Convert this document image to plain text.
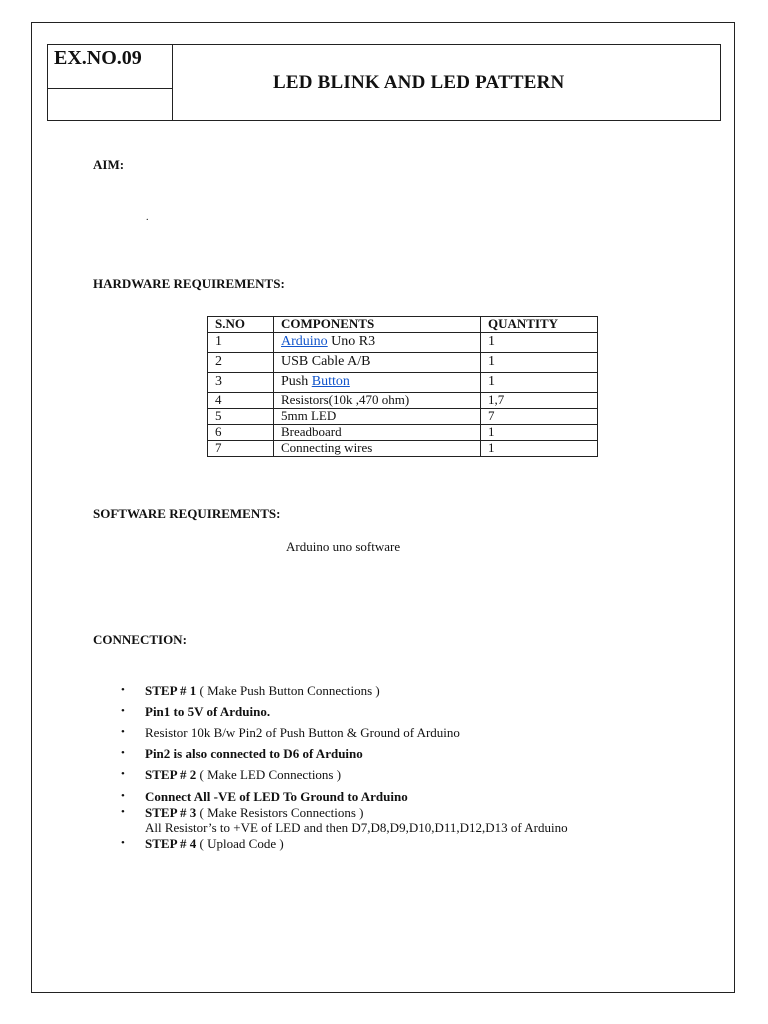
EX.NO.09
LED BLINK AND LED PATTERN
AIM:
.
HARDWARE REQUIREMENTS:
S.NO	COMPONENTS	QUANTITY
1	Arduino Uno R3	1
2	USB Cable A/B	1
3	Push Button	1
4	Resistors(10k ,470 ohm)	1,7
5	5mm LED	7
6	Breadboard	1
7	Connecting wires	1
SOFTWARE REQUIREMENTS:
Arduino uno software
CONNECTION:
• STEP # 1 ( Make Push Button Connections )
• Pin1 to 5V of Arduino.
• Resistor 10k B/w Pin2 of Push Button & Ground of Arduino
• Pin2 is also connected to D6 of Arduino
• STEP # 2 ( Make LED Connections )
• Connect All -VE of LED To Ground to Arduino
• STEP # 3 ( Make Resistors Connections )
All Resistor’s to +VE of LED and then D7,D8,D9,D10,D11,D12,D13 of Arduino
• STEP # 4 ( Upload Code )
